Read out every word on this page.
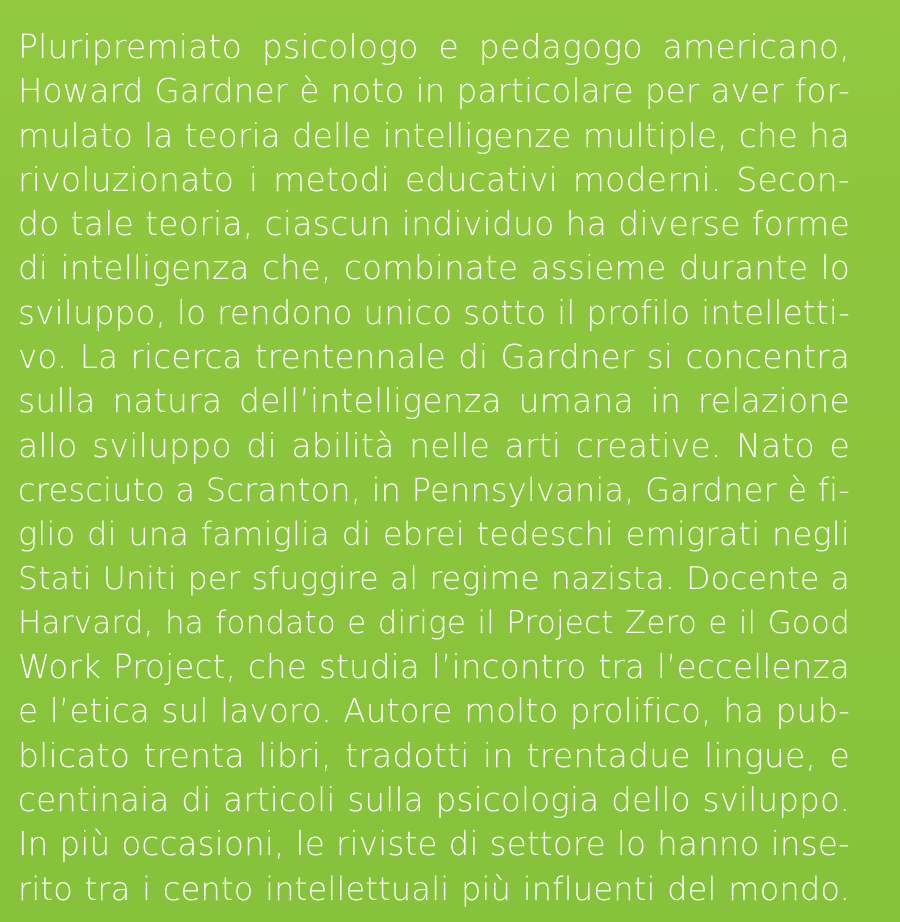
Pluripremiato psicologo e pedagogo americano,
Howard Gardner è noto in particolare per aver for-
mulato la teoria delle intelligenze multiple, che ha
rivoluzionato i metodi educativi moderni. Secon-
do tale teoria, ciascun individuo ha diverse forme
di intelligenza che, combinate assieme durante lo
sviluppo, lo rendono unico sotto il profilo intelletti-
vo. La ricerca trentennale di Gardner si concentra
sulla natura dell’intelligenza umana in relazione
allo sviluppo di abilità nelle arti creative. Nato e
cresciuto a Scranton, in Pennsylvania, Gardner è fi-
glio di una famiglia di ebrei tedeschi emigrati negli
Stati Uniti per sfuggire al regime nazista. Docente a
Harvard, ha fondato e dirige il Project Zero e il Good
Work Project, che studia l’incontro tra l’eccellenza
e l’etica sul lavoro. Autore molto prolifico, ha pub-
blicato trenta libri, tradotti in trentadue lingue, e
centinaia di articoli sulla psicologia dello sviluppo.
In più occasioni, le riviste di settore lo hanno inse-
rito tra i cento intellettuali più influenti del mondo.
